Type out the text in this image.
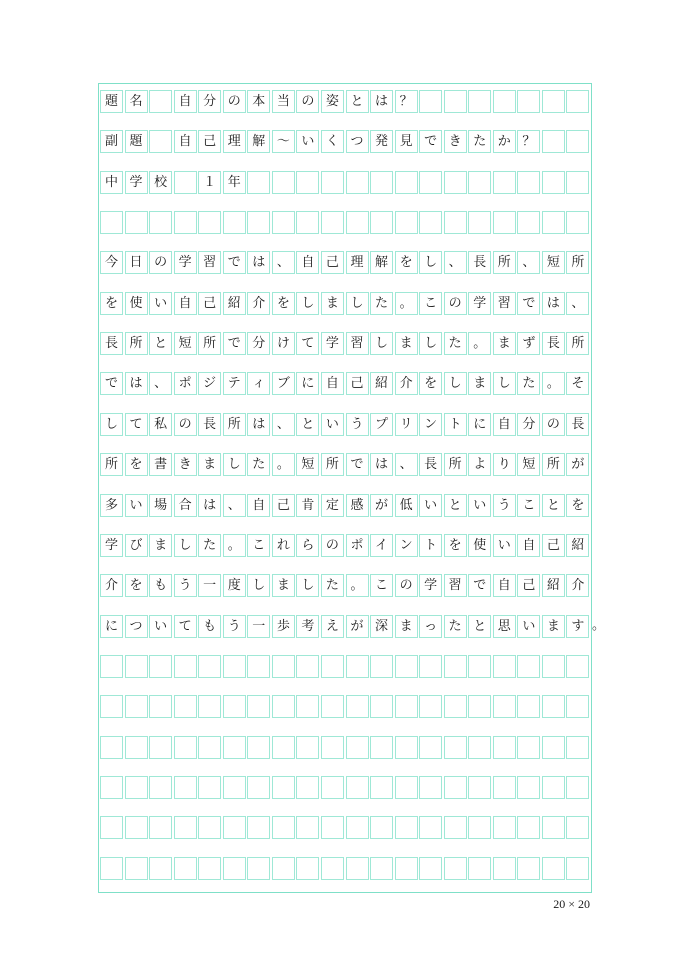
題 名	自 分 の 本 当 の 姿 と は ？
副 題	自 己 理 解 〜 い く つ 発 見 で き た か ？
中 学 校	１ 年
今 日 の 学 習 で は 、 自 己 理 解 を し 、 長 所 、 短 所
を 使 い 自 己 紹 介 を し ま し た 。 こ の 学 習 で は 、
長 所 と 短 所 で 分 け て 学 習 し ま し た 。 ま ず 長 所
で は 、 ポ ジ テ ィ ブ に 自 己 紹 介 を し ま し た 。 そ
し て 私 の 長 所 は 、 と い う プ リ ン ト に 自 分 の 長
所 を 書 き ま し た 。 短 所 で は 、 長 所 よ り 短 所 が
多 い 場 合 は 、 自 己 肯 定 感 が 低 い と い う こ と を
学 び ま し た 。 こ れ ら の ポ イ ン ト を 使 い 自 己 紹
介 を も う 一 度 し ま し た 。 こ の 学 習 で 自 己 紹 介
に つ い て も う 一 歩 考 え が 深 ま っ た と 思 い ま す
20 × 20
。
